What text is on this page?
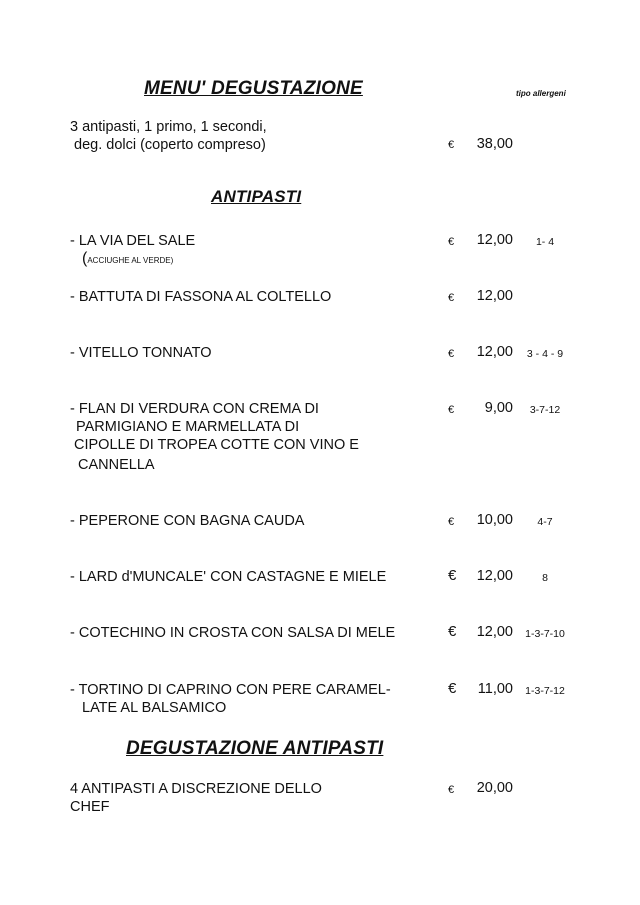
MENU' DEGUSTAZIONE	tipo allergeni
3 antipasti, 1 primo, 1 secondi,
deg. dolci (coperto compreso)	€	38,00
ANTIPASTI
- LA VIA DEL SALE
(ACCIUGHE AL VERDE)
€	12,00	1- 4
- BATTUTA DI FASSONA AL COLTELLO	€	12,00
- VITELLO TONNATO	€	12,00	3 - 4 - 9
- FLAN DI VERDURA CON CREMA DI
PARMIGIANO E MARMELLATA DI
CIPOLLE DI TROPEA COTTE CON VINO E
CANNELLA
€	9,00	3-7-12
- PEPERONE CON BAGNA CAUDA	€	10,00	4-7
- LARD d'MUNCALE' CON CASTAGNE E MIELE	€	12,00	8
- COTECHINO IN CROSTA CON SALSA DI MELE	€	12,00	1-3-7-10
- TORTINO DI CAPRINO CON PERE CARAMEL-
LATE AL BALSAMICO
€	11,00	1-3-7-12
DEGUSTAZIONE ANTIPASTI
4 ANTIPASTI A DISCREZIONE DELLO
CHEF
€	20,00
